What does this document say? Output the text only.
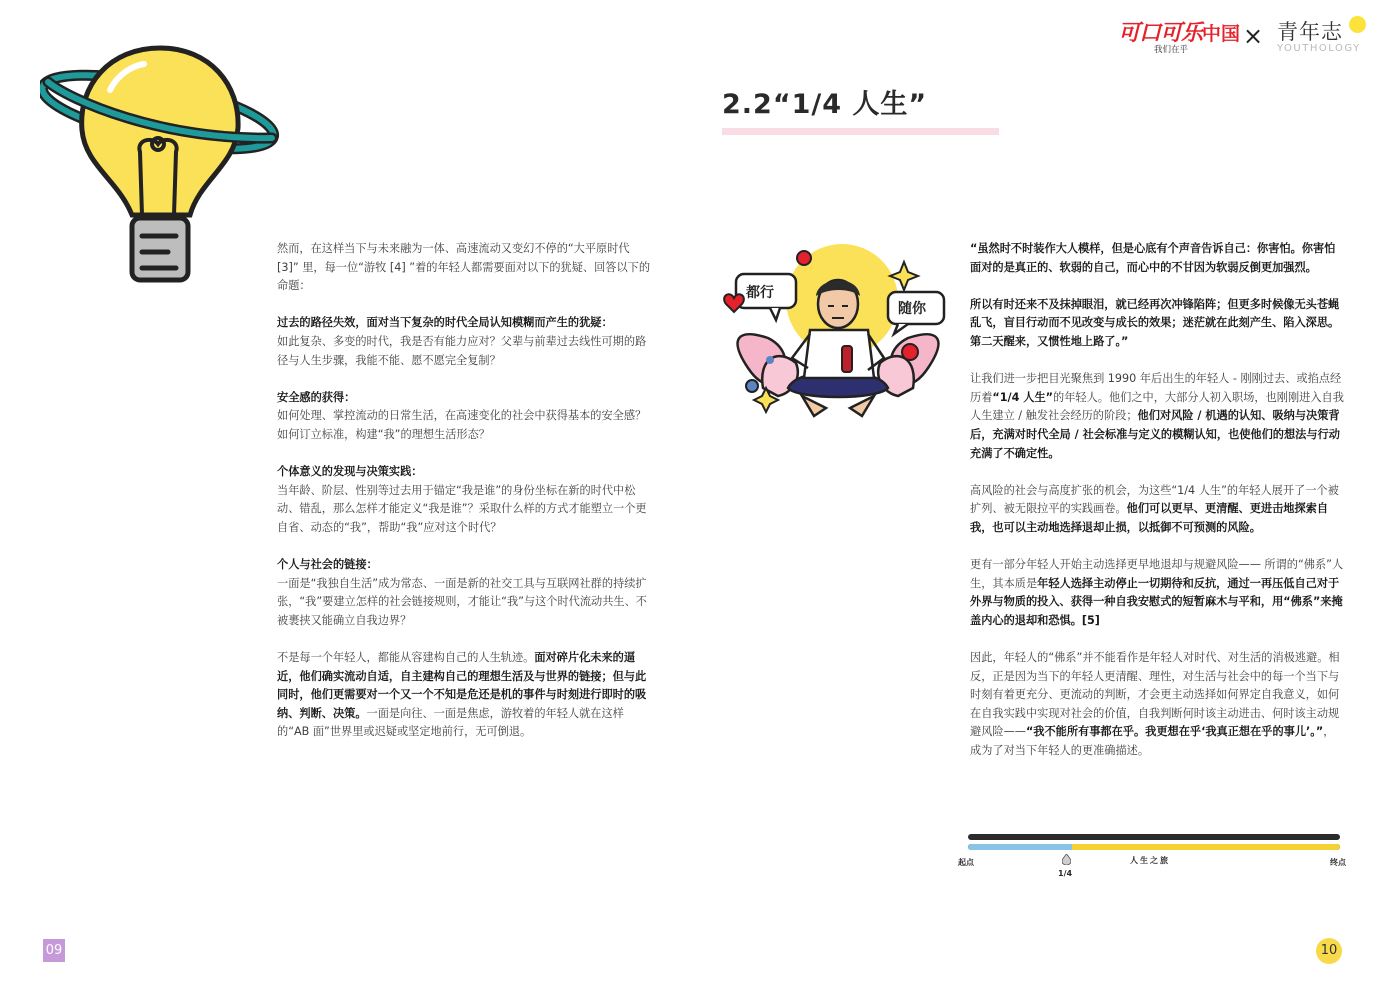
然而，在这样当下与未来融为一体、高速流动又变幻不停的“大平原时代 [3]” 里，每一位“游牧 [4] ”着的年轻人都需要面对以下的犹疑、回答以下的命题：

过去的路径失效，面对当下复杂的时代全局认知模糊而产生的犹疑：
如此复杂、多变的时代，我是否有能力应对？父辈与前辈过去线性可期的路径与人生步骤，我能不能、愿不愿完全复制？

安全感的获得：
如何处理、掌控流动的日常生活，在高速变化的社会中获得基本的安全感？如何订立标准，构建“我”的理想生活形态？

个体意义的发现与决策实践：
当年龄、阶层、性别等过去用于锚定“我是谁”的身份坐标在新的时代中松动、错乱，那么怎样才能定义“我是谁”？采取什么样的方式才能塑立一个更自省、动态的“我”，帮助“我”应对这个时代？

个人与社会的链接：
一面是“我独自生活”成为常态、一面是新的社交工具与互联网社群的持续扩张，“我”要建立怎样的社会链接规则，才能让“我”与这个时代流动共生、不被裹挟又能确立自我边界？

不是每一个年轻人，都能从容建构自己的人生轨迹。面对碎片化未来的逼近，他们确实流动自适，自主建构自己的理想生活及与世界的链接；但与此同时，他们更需要对一个又一个不知是危还是机的事件与时刻进行即时的吸纳、判断、决策。一面是向往、一面是焦虑，游牧着的年轻人就在这样的“AB 面”世界里或迟疑或坚定地前行，无可倒退。

09
可口可乐中国
我们在乎 × 青年志
YOUTHOLOGY
2.2“1/4 人生”
都行
随你

“虽然时不时装作大人模样，但是心底有个声音告诉自己：你害怕。你害怕面对的是真正的、软弱的自己，而心中的不甘因为软弱反倒更加强烈。

所以有时还来不及抹掉眼泪，就已经再次冲锋陷阵；但更多时候像无头苍蝇乱飞，盲目行动而不见改变与成长的效果；迷茫就在此刻产生、陷入深思。第二天醒来，又惯性地上路了。”

让我们进一步把目光聚焦到 1990 年后出生的年轻人 - 刚刚过去、或掐点经历着“1/4 人生”的年轻人。他们之中，大部分人初入职场，也刚刚进入自我人生建立 / 触发社会经历的阶段；他们对风险 / 机遇的认知、吸纳与决策背后，充满对时代全局 / 社会标准与定义的模糊认知，也使他们的想法与行动充满了不确定性。

高风险的社会与高度扩张的机会，为这些“1/4 人生”的年轻人展开了一个被扩列、被无限拉平的实践画卷。他们可以更早、更清醒、更进击地探索自我，也可以主动地选择退却止损，以抵御不可预测的风险。

更有一部分年轻人开始主动选择更早地退却与规避风险—— 所谓的“佛系”人生，其本质是年轻人选择主动停止一切期待和反抗，通过一再压低自己对于外界与物质的投入、获得一种自我安慰式的短暂麻木与平和，用“佛系”来掩盖内心的退却和恐惧。[5]

因此，年轻人的“佛系”并不能看作是年轻人对时代、对生活的消极逃避。相反，正是因为当下的年轻人更清醒、理性，对生活与社会中的每一个当下与时刻有着更充分、更流动的判断，才会更主动选择如何界定自我意义，如何在自我实践中实现对社会的价值，自我判断何时该主动进击、何时该主动规避风险——“我不能所有事都在乎。我更想在乎‘我真正想在乎的事儿’。”，成为了对当下年轻人的更准确描述。

起点	人生之旅	终点
1/4
10
